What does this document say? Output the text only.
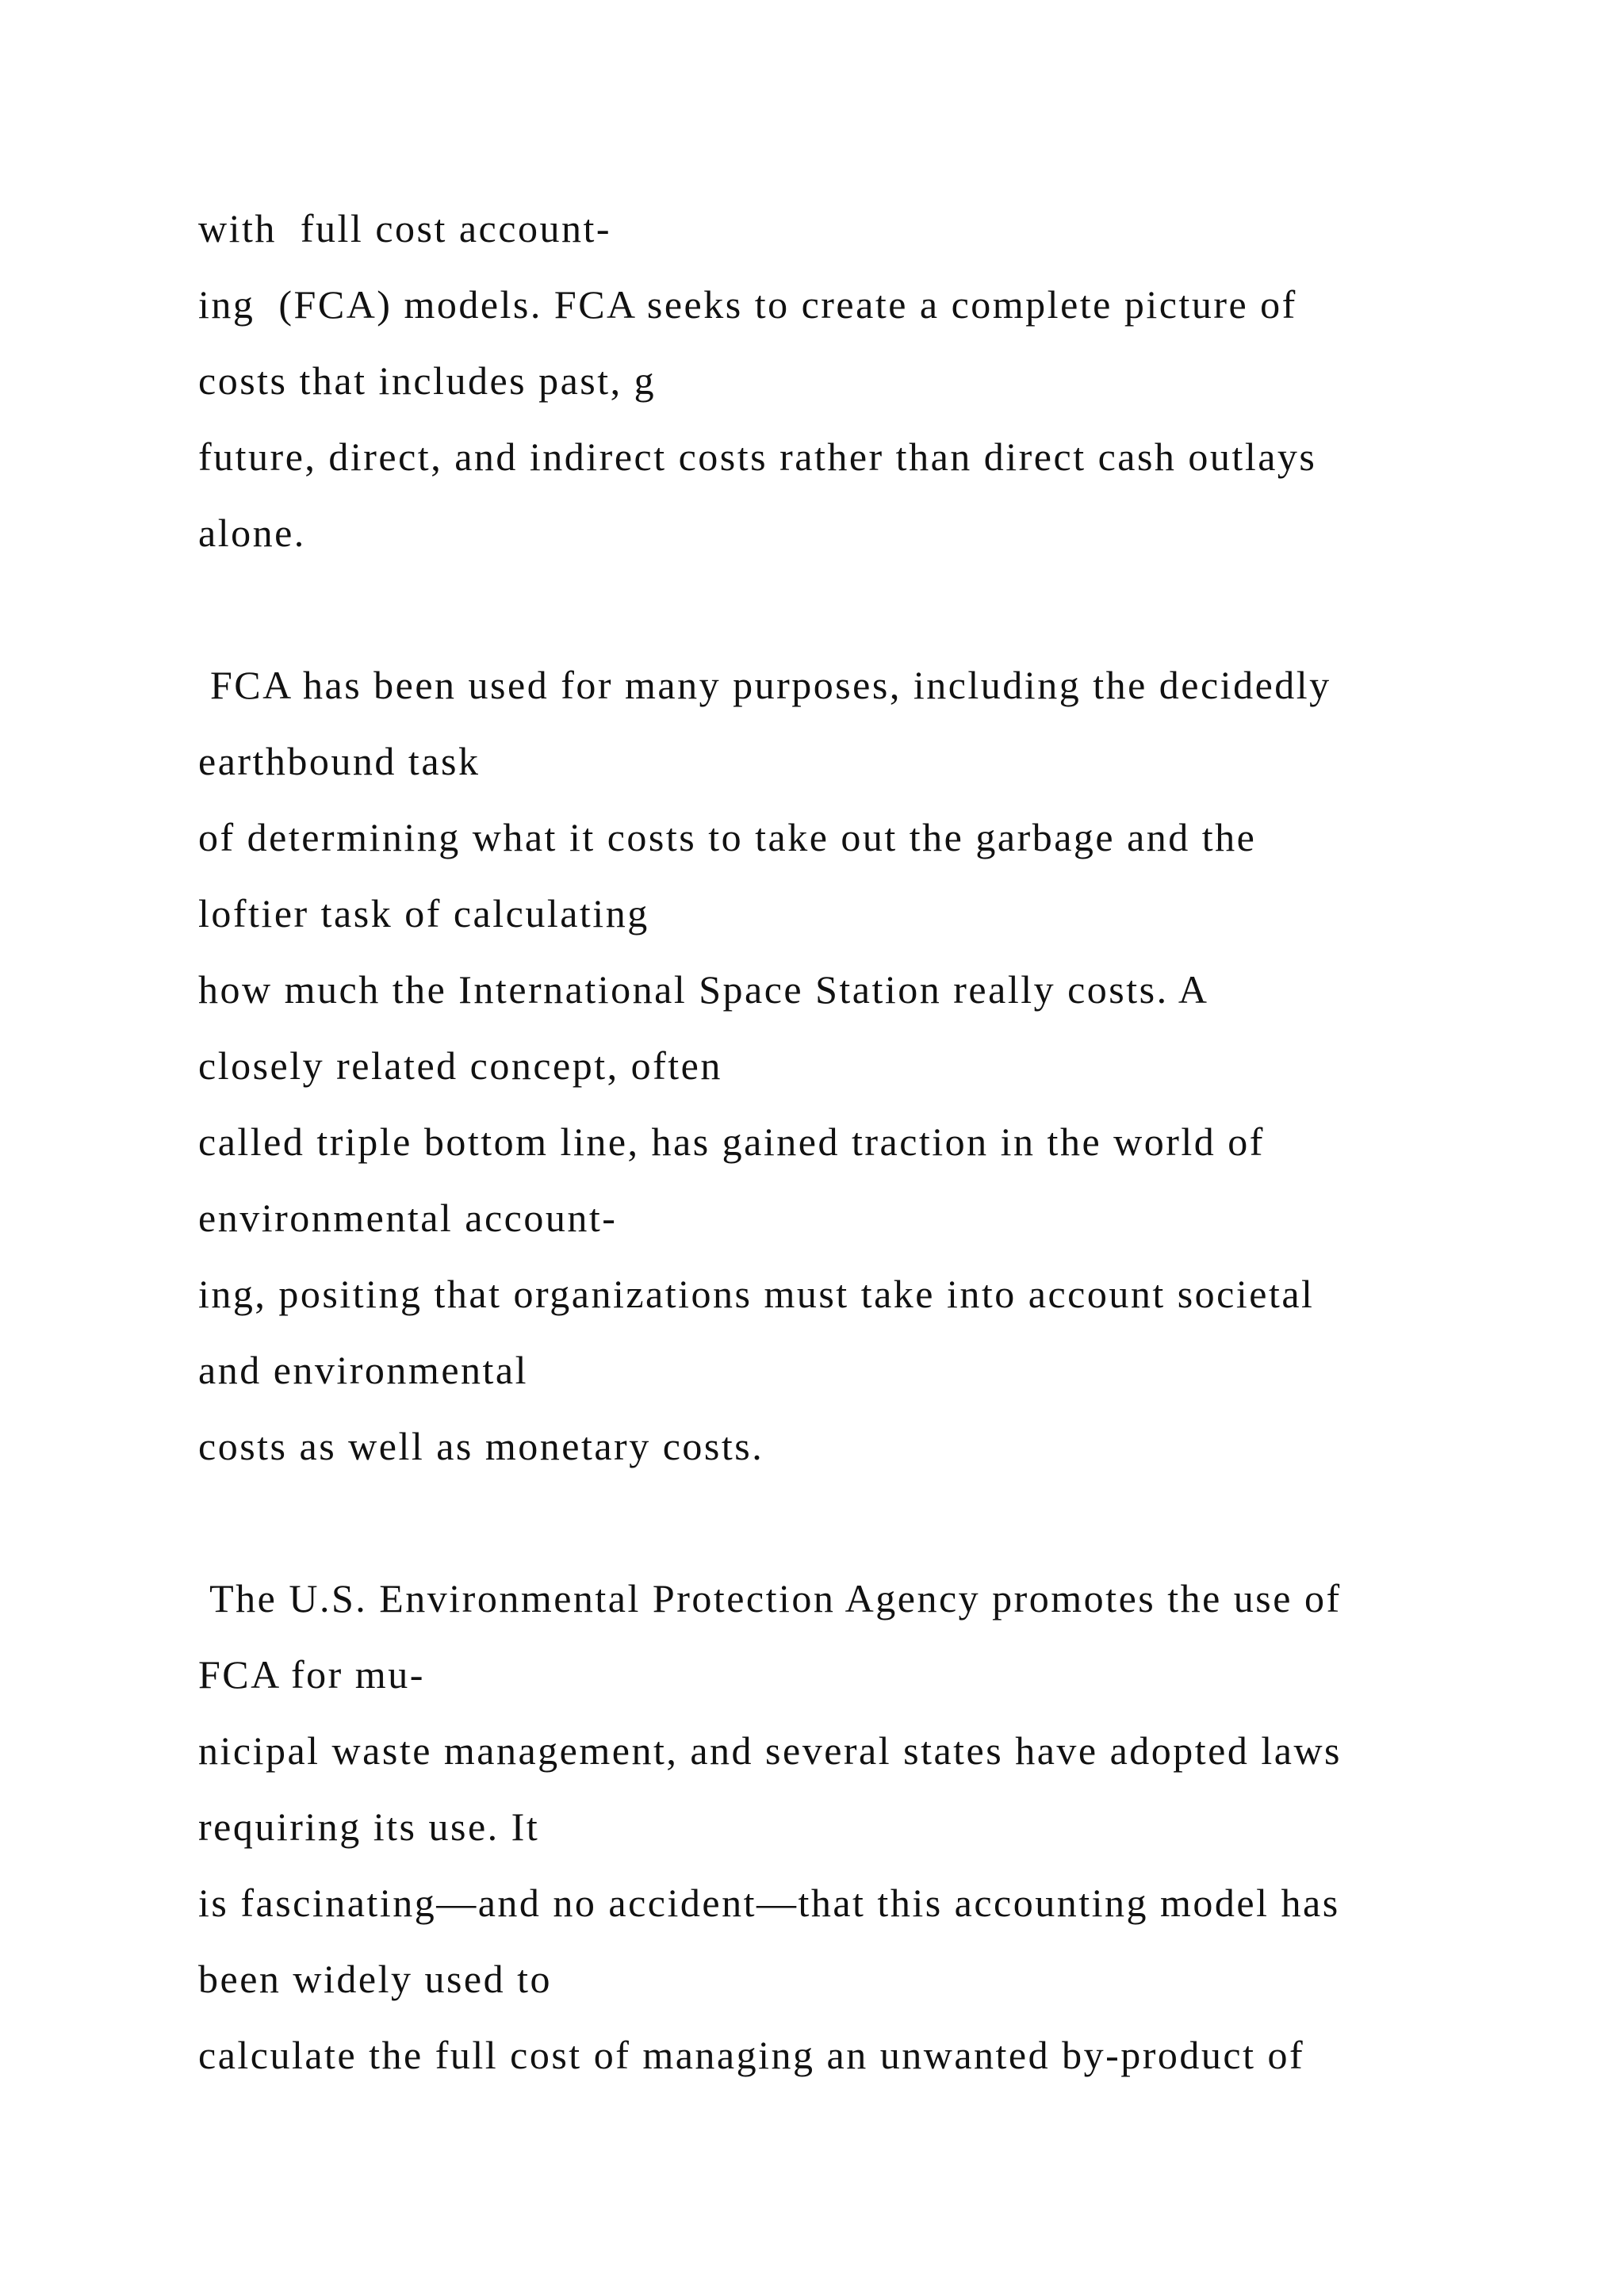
with  full cost account-
ing  (FCA) models. FCA seeks to create a complete picture of
costs that includes past, g
future, direct, and indirect costs rather than direct cash outlays
alone.
FCA has been used for many purposes, including the decidedly
earthbound task
of determining what it costs to take out the garbage and the
loftier task of calculating
how much the International Space Station really costs. A
closely related concept, often
called triple bottom line, has gained traction in the world of
environmental account-
ing, positing that organizations must take into account societal
and environmental
costs as well as monetary costs.
The U.S. Environmental Protection Agency promotes the use of
FCA for mu-
nicipal waste management, and several states have adopted laws
requiring its use. It
is fascinating—and no accident—that this accounting model has
been widely used to
calculate the full cost of managing an unwanted by-product of
